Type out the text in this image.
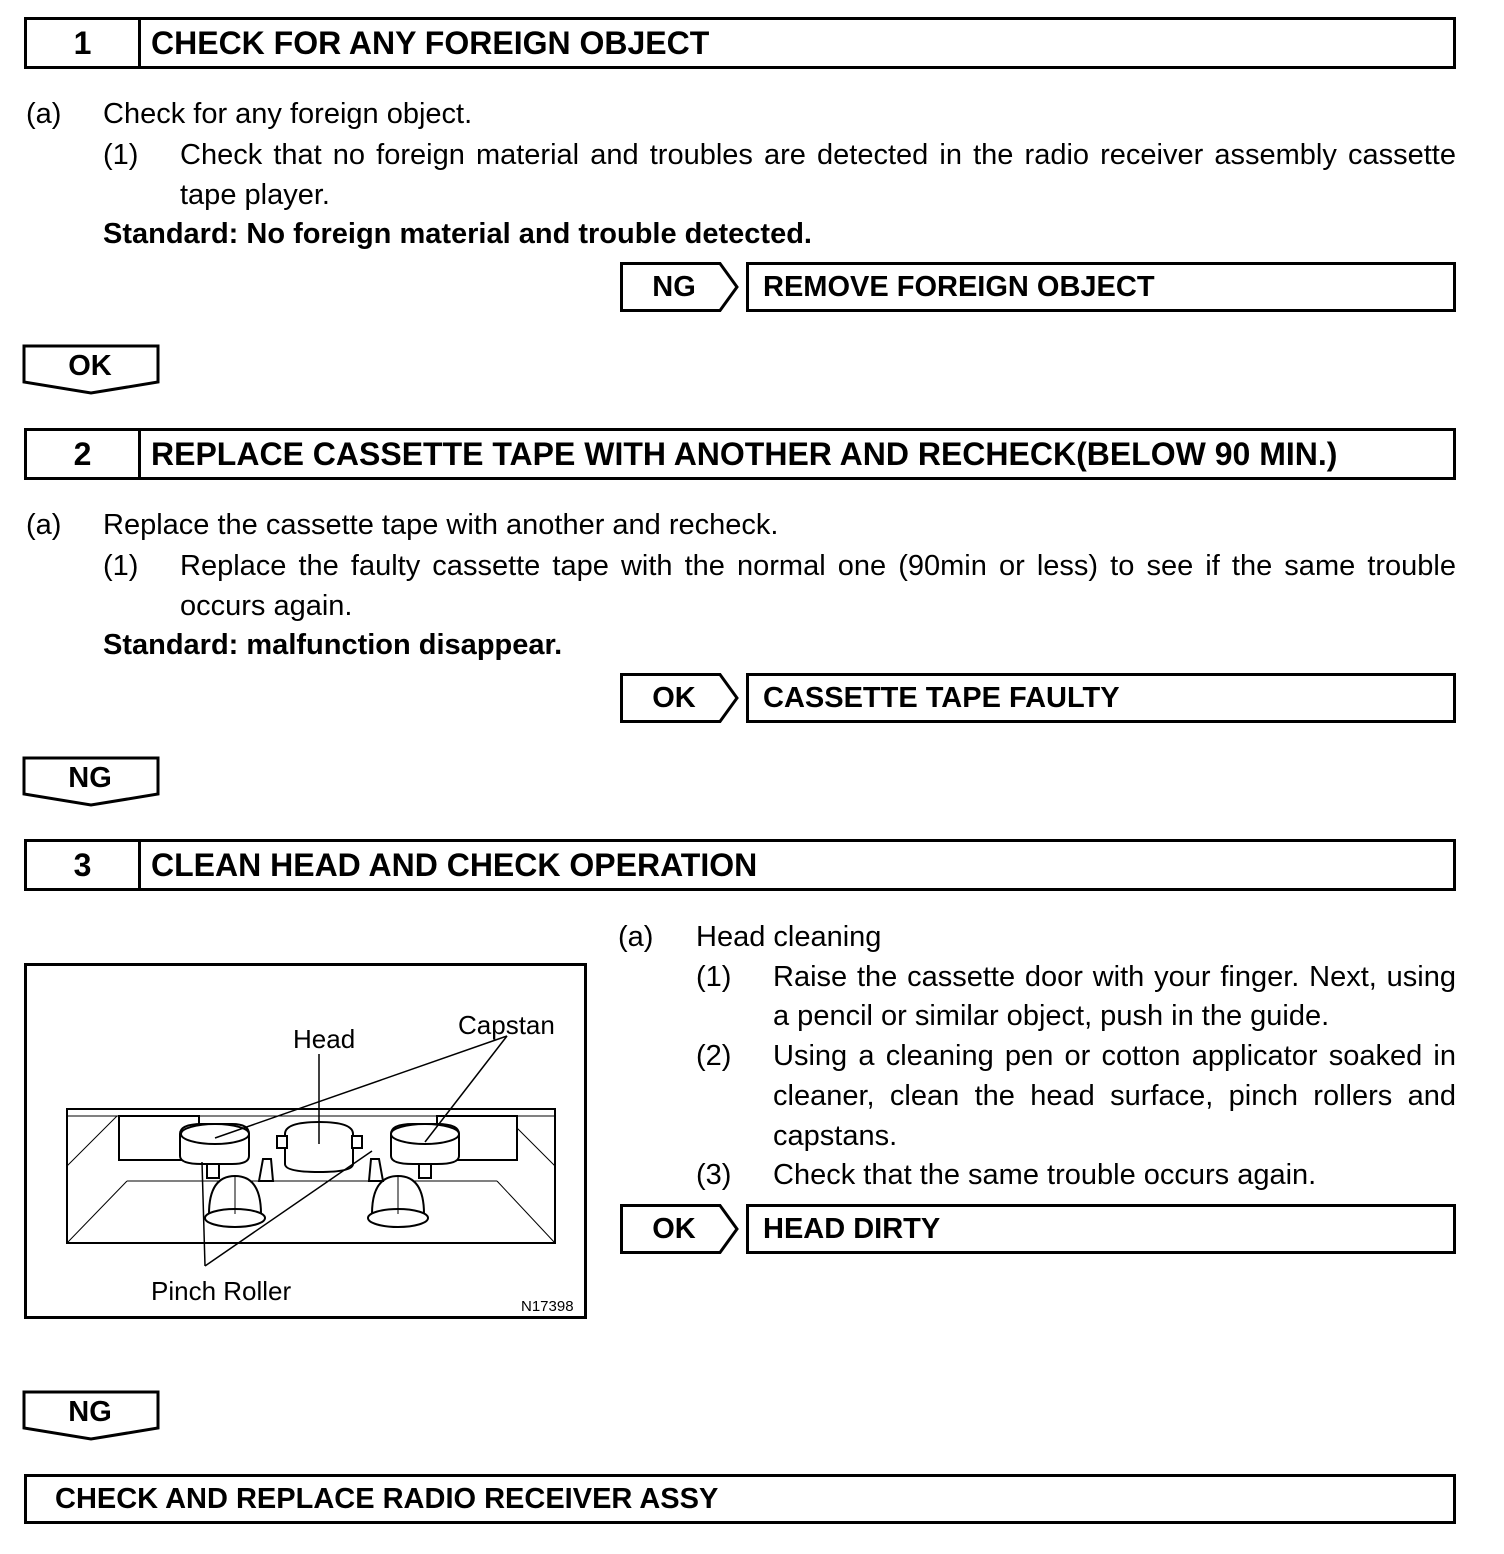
1	CHECK FOR ANY FOREIGN OBJECT
(a) Check for any foreign object.
(1) Check that no foreign material and troubles are detected in the radio receiver assembly cassette
tape player.
Standard: No foreign material and trouble detected.
NG	REMOVE FOREIGN OBJECT
OK
2	REPLACE CASSETTE TAPE WITH ANOTHER AND RECHECK(BELOW 90 MIN.)
(a) Replace the cassette tape with another and recheck.
(1) Replace the faulty cassette tape with the normal one (90min or less) to see if the same trouble
occurs again.
Standard: malfunction disappear.
OK	CASSETTE TAPE FAULTY
NG
3	CLEAN HEAD AND CHECK OPERATION
Head	Capstan
Pinch Roller
N17398
(a) Head cleaning
(1) Raise the cassette door with your finger. Next, using
a pencil or similar object, push in the guide.
(2) Using a cleaning pen or cotton applicator soaked in
cleaner, clean the head surface, pinch rollers and
capstans.
(3) Check that the same trouble occurs again.
OK	HEAD DIRTY
NG
CHECK AND REPLACE RADIO RECEIVER ASSY
